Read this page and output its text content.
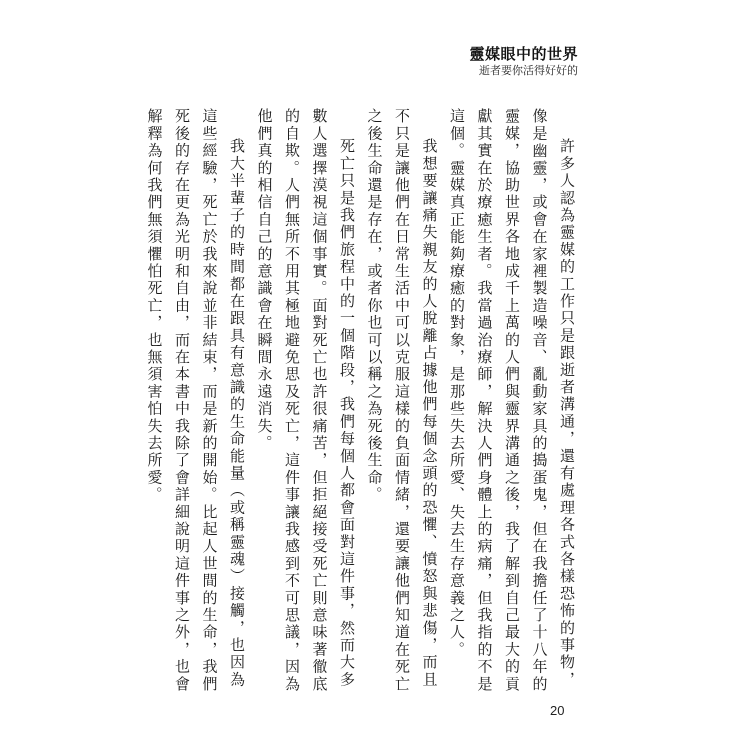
靈媒眼中的世界
逝者要你活得好好的

許多人認為靈媒的工作只是跟逝者溝通，還有處理各式各樣恐怖的事物，像是幽靈，或會在家裡製造噪音、亂動家具的搗蛋鬼，但在我擔任了十八年的靈媒，協助世界各地成千上萬的人們與靈界溝通之後，我了解到自己最大的貢獻其實在於療癒生者。我當過治療師，解決人們身體上的病痛，但我指的不是這個。靈媒真正能夠療癒的對象，是那些失去所愛、失去生存意義之人。

我想要讓痛失親友的人脫離占據他們每個念頭的恐懼、憤怒與悲傷，而且不只是讓他們在日常生活中可以克服這樣的負面情緒，還要讓他們知道在死亡之後生命還是存在，或者你也可以稱之為死後生命。

死亡只是我們旅程中的一個階段，我們每個人都會面對這件事，然而大多數人選擇漠視這個事實。面對死亡也許很痛苦，但拒絕接受死亡則意味著徹底的自欺。人們無所不用其極地避免思及死亡，這件事讓我感到不可思議，因為他們真的相信自己的意識會在瞬間永遠消失。

我大半輩子的時間都在跟具有意識的生命能量（或稱靈魂）接觸，也因為這些經驗，死亡於我來說並非結束，而是新的開始。比起人世間的生命，我們死後的存在更為光明和自由，而在本書中我除了會詳細說明這件事之外，也會解釋為何我們無須懼怕死亡，也無須害怕失去所愛。

20
